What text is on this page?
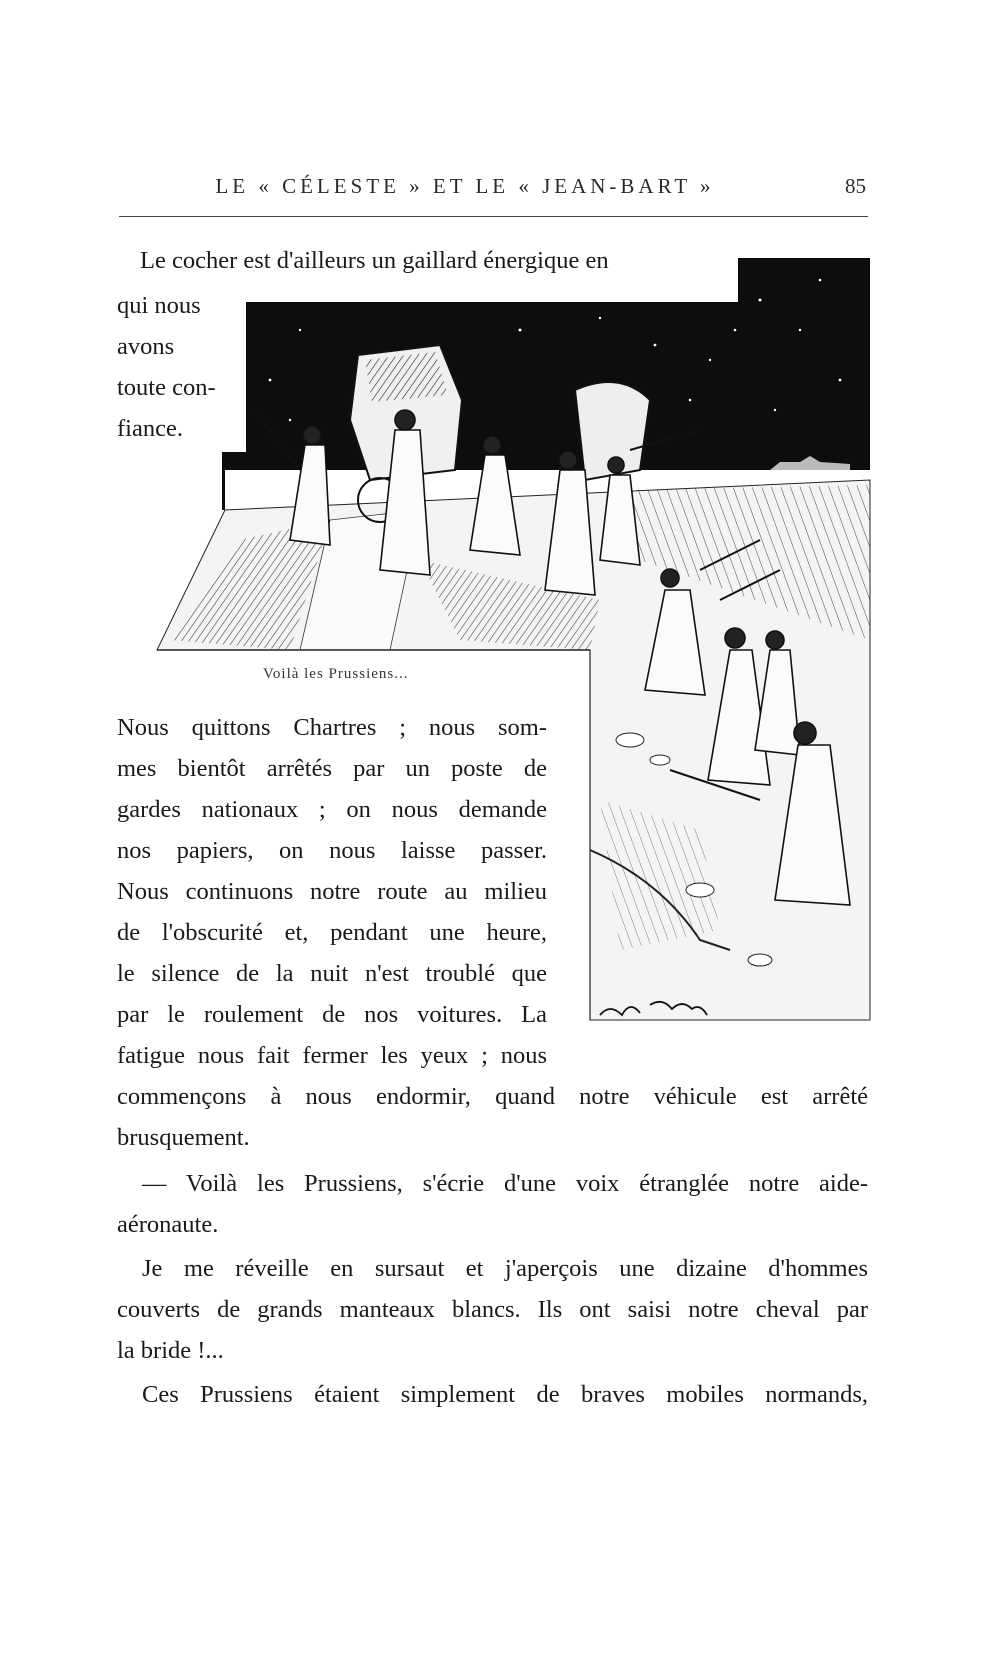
LE « CÉLESTE » ET LE « JEAN-BART »	85
Voilà les Prussiens...
Le cocher est d'ailleurs un gaillard énergique en
qui nous
avons
toute con-
fiance.
Nous quittons Chartres ; nous som-
mes bientôt arrêtés par un poste de
gardes nationaux ; on nous demande
nos papiers, on nous laisse passer.
Nous continuons notre route au milieu
de l'obscurité et, pendant une heure,
le silence de la nuit n'est troublé que
par le roulement de nos voitures. La
fatigue nous fait fermer les yeux ; nous
commençons à nous endormir, quand notre véhicule est arrêté
brusquement.
— Voilà les Prussiens, s'écrie d'une voix étranglée notre aide-
aéronaute.
Je me réveille en sursaut et j'aperçois une dizaine d'hommes
couverts de grands manteaux blancs. Ils ont saisi notre cheval par
la bride !...
Ces Prussiens étaient simplement de braves mobiles normands,
